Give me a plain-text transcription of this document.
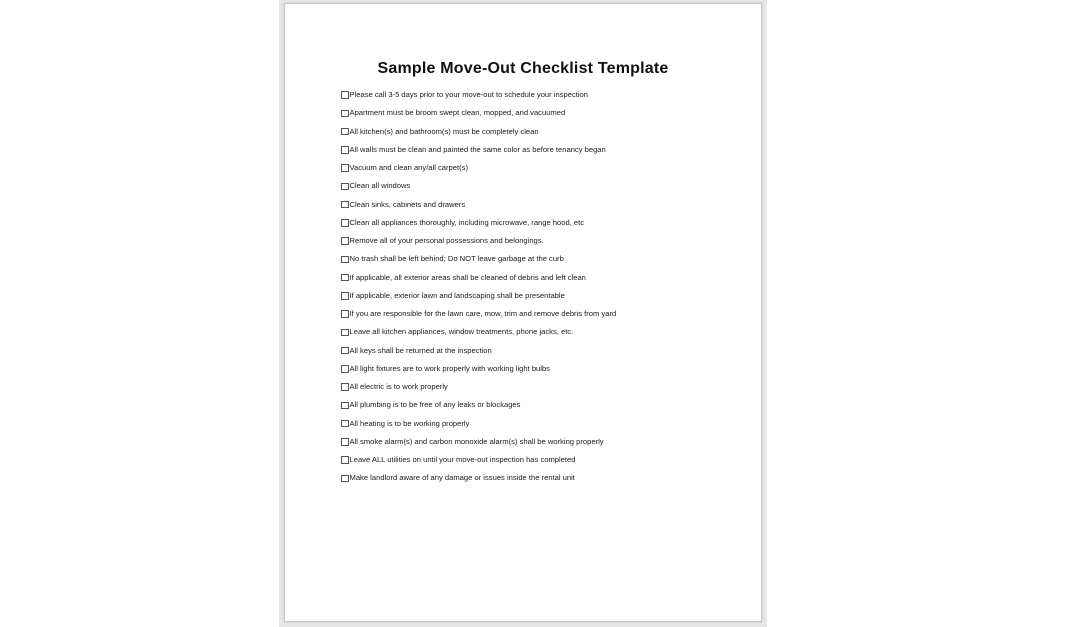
Sample Move-Out Checklist Template
Please call 3-5 days prior to your move-out to schedule your inspection
Apartment must be broom swept clean, mopped, and vacuumed
All kitchen(s) and bathroom(s) must be completely clean
All walls must be clean and painted the same color as before tenancy began
Vacuum and clean any/all carpet(s)
Clean all windows
Clean sinks, cabinets and drawers
Clean all appliances thoroughly, including microwave, range hood, etc
Remove all of your personal possessions and belongings.
No trash shall be left behind; Do NOT leave garbage at the curb
If applicable, all exterior areas shall be cleaned of debris and left clean
If applicable, exterior lawn and landscaping shall be presentable
If you are responsible for the lawn care, mow, trim and remove debris from yard
Leave all kitchen appliances, window treatments, phone jacks, etc.
All keys shall be returned at the inspection
All light fixtures are to work properly with working light bulbs
All electric is to work properly
All plumbing is to be free of any leaks or blockages
All heating is to be working properly
All smoke alarm(s) and carbon monoxide alarm(s) shall be working properly
Leave ALL utilities on until your move-out inspection has completed
Make landlord aware of any damage or issues inside the rental unit
